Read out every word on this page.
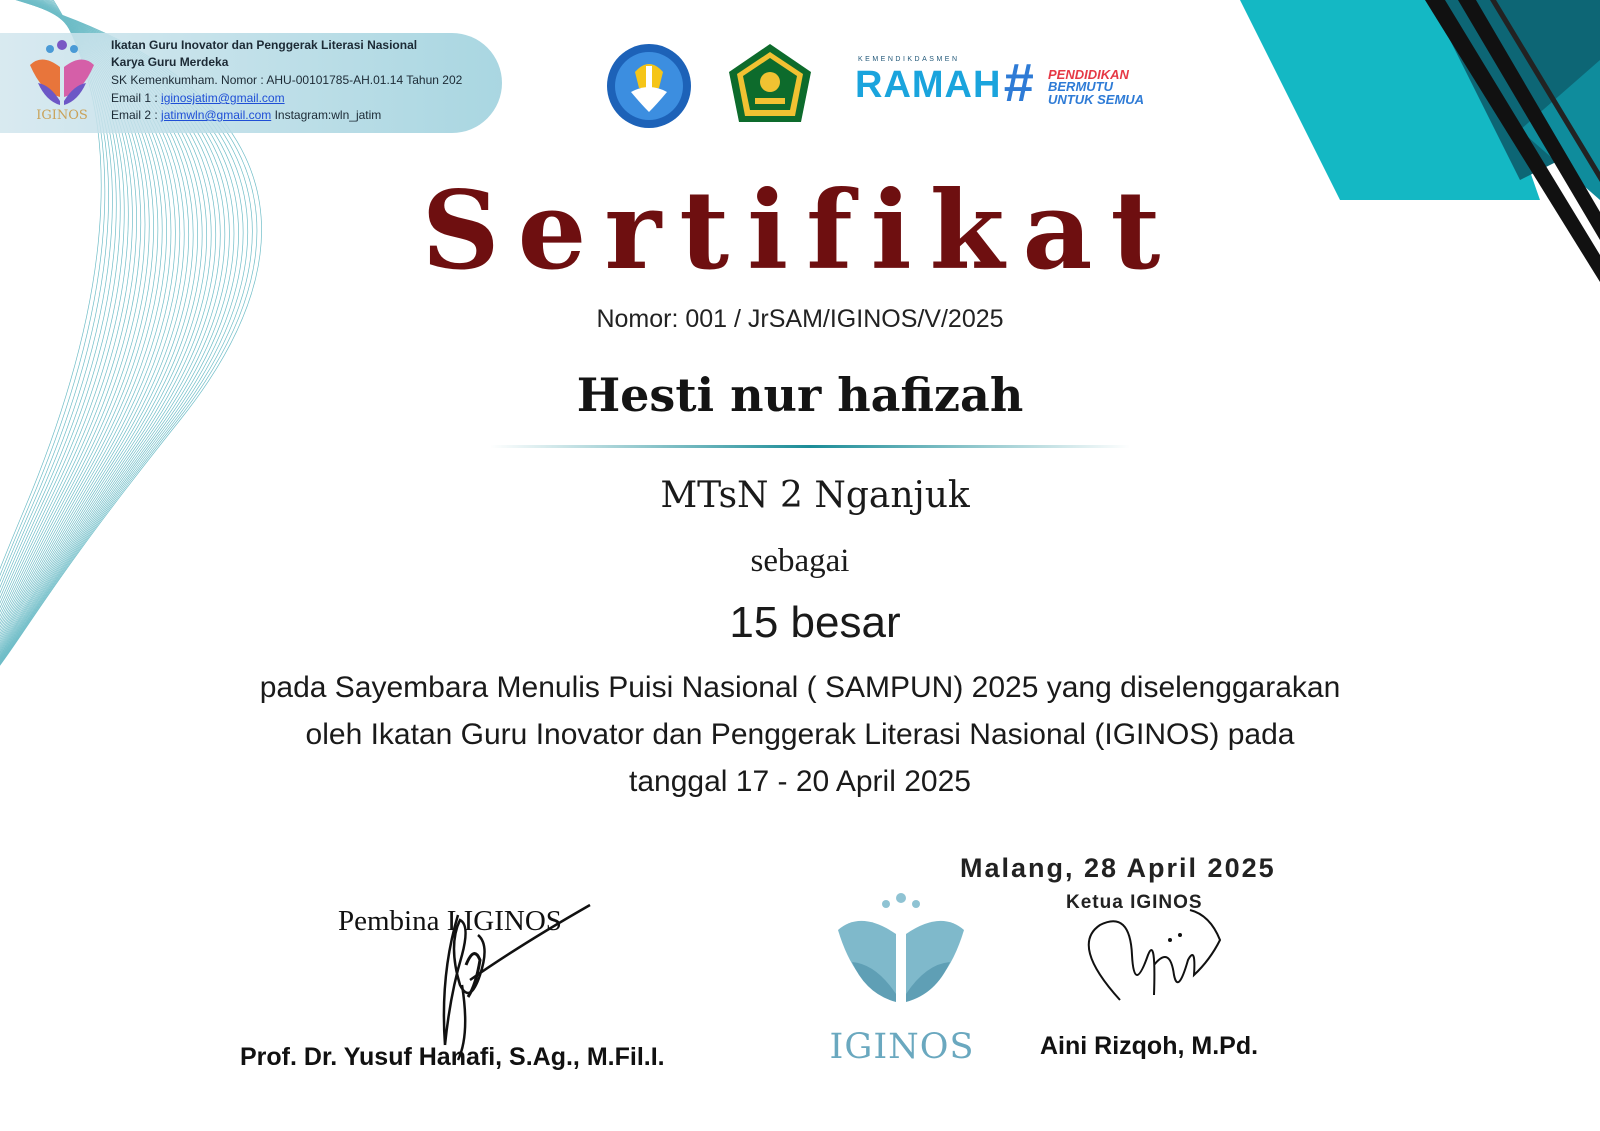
IGINOS
Ikatan Guru Inovator dan Penggerak Literasi Nasional
Karya Guru Merdeka
SK Kemenkumham. Nomor : AHU-00101785-AH.01.14 Tahun 202
Email 1 : iginosjatim@gmail.com
Email 2 : jatimwln@gmail.com Instagram:wln_jatim
KEMENDIKDASMEN
RAMAH # PENDIDIKAN
BERMUTU
UNTUK SEMUA
Sertifikat
Nomor: 001 / JrSAM/IGINOS/V/2025
Hesti nur hafizah
MTsN 2 Nganjuk
sebagai
15 besar
pada Sayembara Menulis Puisi Nasional ( SAMPUN) 2025 yang diselenggarakan
oleh Ikatan Guru Inovator dan Penggerak Literasi Nasional (IGINOS) pada
tanggal 17 - 20 April 2025
Malang, 28 April 2025
Ketua IGINOS
Pembina I IGINOS
IGINOS
Prof. Dr. Yusuf Hanafi, S.Ag., M.Fil.I.	Aini Rizqoh, M.Pd.
